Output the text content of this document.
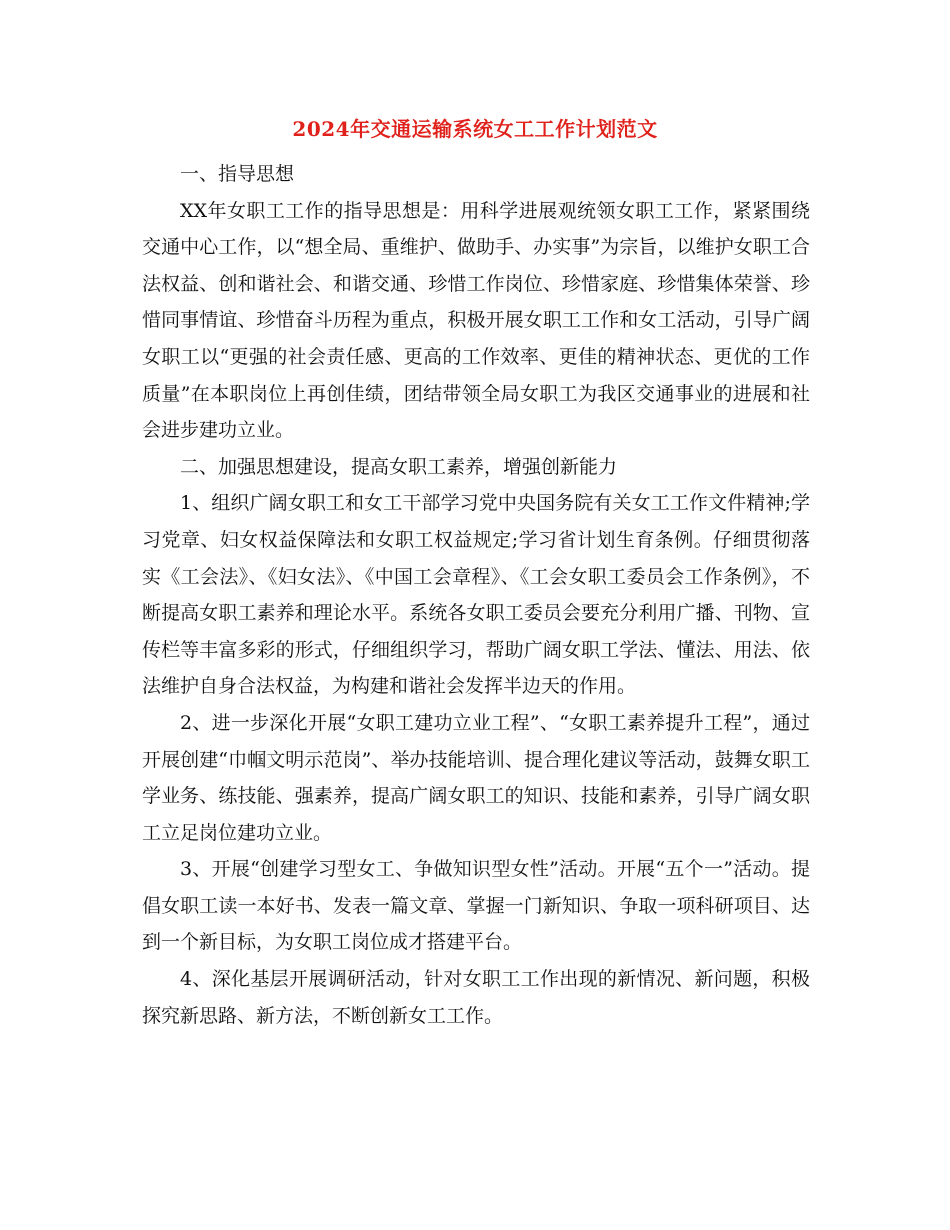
2024年交通运输系统女工工作计划范文

一、指导思想

XX年女职工工作的指导思想是：用科学进展观统领女职工工作，紧紧围绕交通中心工作，以“想全局、重维护、做助手、办实事”为宗旨，以维护女职工合法权益、创和谐社会、和谐交通、珍惜工作岗位、珍惜家庭、珍惜集体荣誉、珍惜同事情谊、珍惜奋斗历程为重点，积极开展女职工工作和女工活动，引导广阔女职工以“更强的社会责任感、更高的工作效率、更佳的精神状态、更优的工作质量”在本职岗位上再创佳绩，团结带领全局女职工为我区交通事业的进展和社会进步建功立业。

二、加强思想建设，提高女职工素养，增强创新能力

1、组织广阔女职工和女工干部学习党中央国务院有关女工工作文件精神;学习党章、妇女权益保障法和女职工权益规定;学习省计划生育条例。仔细贯彻落实《工会法》、《妇女法》、《中国工会章程》、《工会女职工委员会工作条例》，不断提高女职工素养和理论水平。系统各女职工委员会要充分利用广播、刊物、宣传栏等丰富多彩的形式，仔细组织学习，帮助广阔女职工学法、懂法、用法、依法维护自身合法权益，为构建和谐社会发挥半边天的作用。

2、进一步深化开展“女职工建功立业工程”、“女职工素养提升工程”，通过开展创建“巾帼文明示范岗”、举办技能培训、提合理化建议等活动，鼓舞女职工学业务、练技能、强素养，提高广阔女职工的知识、技能和素养，引导广阔女职工立足岗位建功立业。

3、开展“创建学习型女工、争做知识型女性”活动。开展“五个一”活动。提倡女职工读一本好书、发表一篇文章、掌握一门新知识、争取一项科研项目、达到一个新目标，为女职工岗位成才搭建平台。

4、深化基层开展调研活动，针对女职工工作出现的新情况、新问题，积极探究新思路、新方法，不断创新女工工作。
